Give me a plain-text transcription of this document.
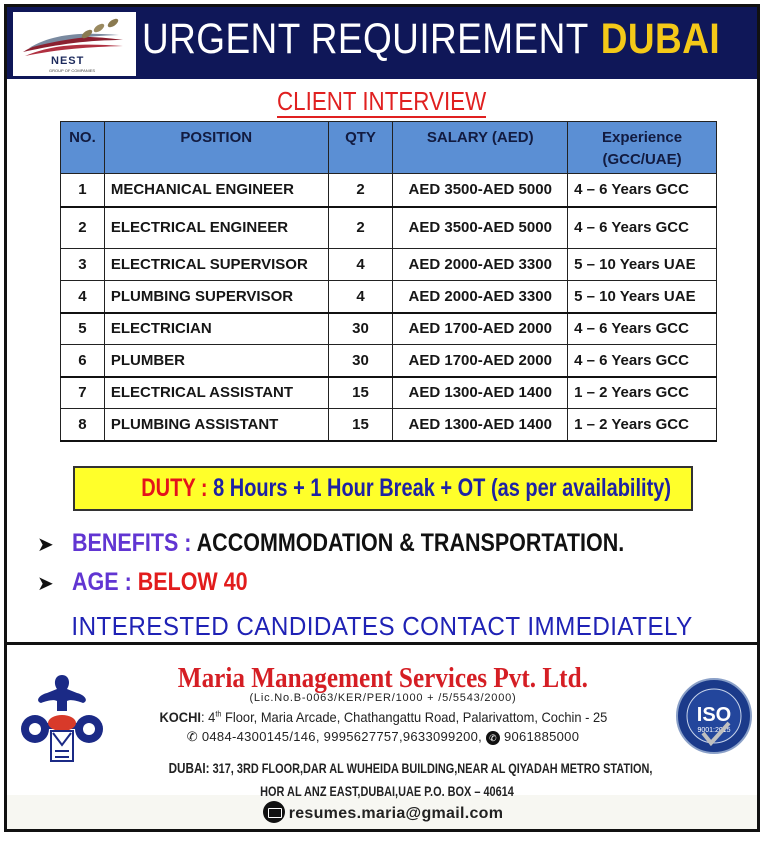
NEST
GROUP OF COMPANIES
URGENT REQUIREMENT DUBAI
CLIENT INTERVIEW
NO.	POSITION	QTY	SALARY (AED)	Experience
(GCC/UAE)
1	MECHANICAL ENGINEER	2	AED 3500-AED 5000	4 – 6 Years GCC
2	ELECTRICAL ENGINEER	2	AED 3500-AED 5000	4 – 6 Years GCC
3	ELECTRICAL SUPERVISOR	4	AED 2000-AED 3300	5 – 10 Years UAE
4	PLUMBING SUPERVISOR	4	AED 2000-AED 3300	5 – 10 Years UAE
5	ELECTRICIAN	30	AED 1700-AED 2000	4 – 6 Years GCC
6	PLUMBER	30	AED 1700-AED 2000	4 – 6 Years GCC
7	ELECTRICAL ASSISTANT	15	AED 1300-AED 1400	1 – 2 Years GCC
8	PLUMBING ASSISTANT	15	AED 1300-AED 1400	1 – 2 Years GCC
DUTY : 8 Hours + 1 Hour Break + OT (as per availability)
➤ BENEFITS : ACCOMMODATION & TRANSPORTATION.
➤ AGE : BELOW 40
INTERESTED CANDIDATES CONTACT IMMEDIATELY
Maria Management Services Pvt. Ltd.
(Lic.No.B-0063/KER/PER/1000 + /5/5543/2000)
KOCHI: 4th Floor, Maria Arcade, Chathangattu Road, Palarivattom, Cochin - 25
✆ 0484-4300145/146, 9995627757,9633099200, ✆ 9061885000
DUBAI: 317, 3RD FLOOR,DAR AL WUHEIDA BUILDING,NEAR AL QIYADAH METRO STATION,
HOR AL ANZ EAST,DUBAI,UAE P.O. BOX – 40614
resumes.maria@gmail.com
ISO
9001:2015
